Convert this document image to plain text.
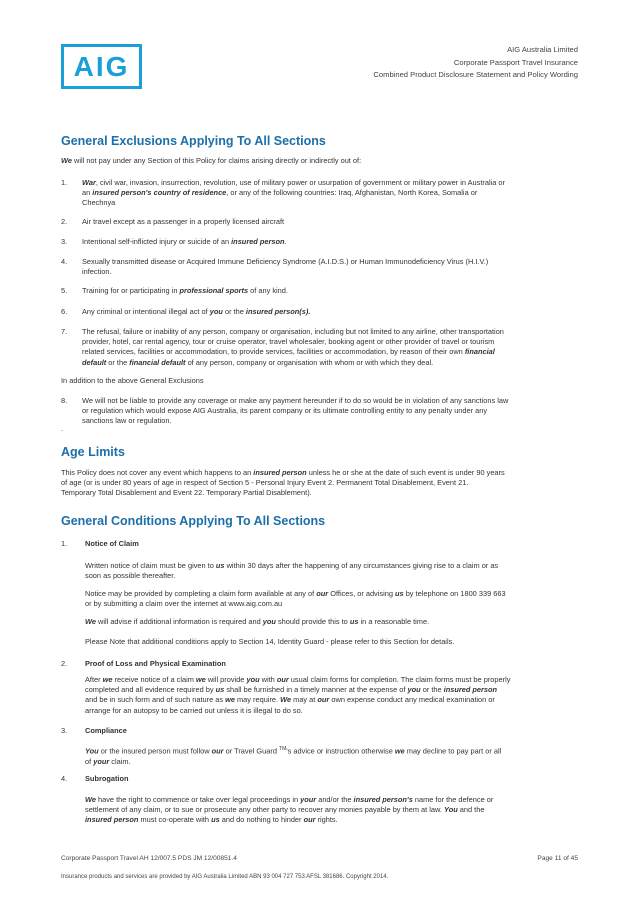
AIG
AIG Australia Limited
Corporate Passport Travel Insurance
Combined Product Disclosure Statement and Policy Wording
General Exclusions Applying To All Sections
We will not pay under any Section of this Policy for claims arising directly or indirectly out of:
1. War, civil war, invasion, insurrection, revolution, use of military power or usurpation of government or military power in Australia or
an insured person's country of residence, or any of the following countries: Iraq, Afghanistan, North Korea, Somalia or
Chechnya
2. Air travel except as a passenger in a properly licensed aircraft
3. Intentional self-inflicted injury or suicide of an insured person.
4. Sexually transmitted disease or Acquired Immune Deficiency Syndrome (A.I.D.S.) or Human Immunodeficiency Virus (H.I.V.)
infection.
5. Training for or participating in professional sports of any kind.
6. Any criminal or intentional illegal act of you or the insured person(s).
7. The refusal, failure or inability of any person, company or organisation, including but not limited to any airline, other transportation
provider, hotel, car rental agency, tour or cruise operator, travel wholesaler, booking agent or other provider of travel or tourism
related services, facilities or accommodation, to provide services, facilities or accommodation, by reason of their own financial
default or the financial default of any person, company or organisation with whom or with which they deal.
In addition to the above General Exclusions
8. We will not be liable to provide any coverage or make any payment hereunder if to do so would be in violation of any sanctions law
or regulation which would expose AIG Australia, its parent company or its ultimate controlling entity to any penalty under any
sanctions law or regulation.
.
Age Limits
This Policy does not cover any event which happens to an insured person unless he or she at the date of such event is under 90 years
of age (or is under 80 years of age in respect of Section 5 - Personal Injury Event 2. Permanent Total Disablement, Event 21.
Temporary Total Disablement and Event 22. Temporary Partial Disablement).
General Conditions Applying To All Sections
1. Notice of Claim
Written notice of claim must be given to us within 30 days after the happening of any circumstances giving rise to a claim or as
soon as possible thereafter.
Notice may be provided by completing a claim form available at any of our Offices, or advising us by telephone on 1800 339 663
or by submitting a claim over the internet at www.aig.com.au
We will advise if additional information is required and you should provide this to us in a reasonable time.
Please Note that additional conditions apply to Section 14, Identity Guard - please refer to this Section for details.
2. Proof of Loss and Physical Examination
After we receive notice of a claim we will provide you with our usual claim forms for completion. The claim forms must be properly
completed and all evidence required by us shall be furnished in a timely manner at the expense of you or the insured person
and be in such form and of such nature as we may require. We may at our own expense conduct any medical examination or
arrange for an autopsy to be carried out unless it is illegal to do so.
3. Compliance
You or the insured person must follow our or Travel Guard ™'s advice or instruction otherwise we may decline to pay part or all
of your claim.
4. Subrogation
We have the right to commence or take over legal proceedings in your and/or the insured person's name for the defence or
settlement of any claim, or to sue or prosecute any other party to recover any monies payable by them at law. You and the
insured person must co-operate with us and do nothing to hinder our rights.
Corporate Passport Travel AH 12/007.5 PDS JM 12/00851.4	Page 11 of 45
Insurance products and services are provided by AIG Australia Limited ABN 93 004 727 753 AFSL 381686. Copyright 2014.
